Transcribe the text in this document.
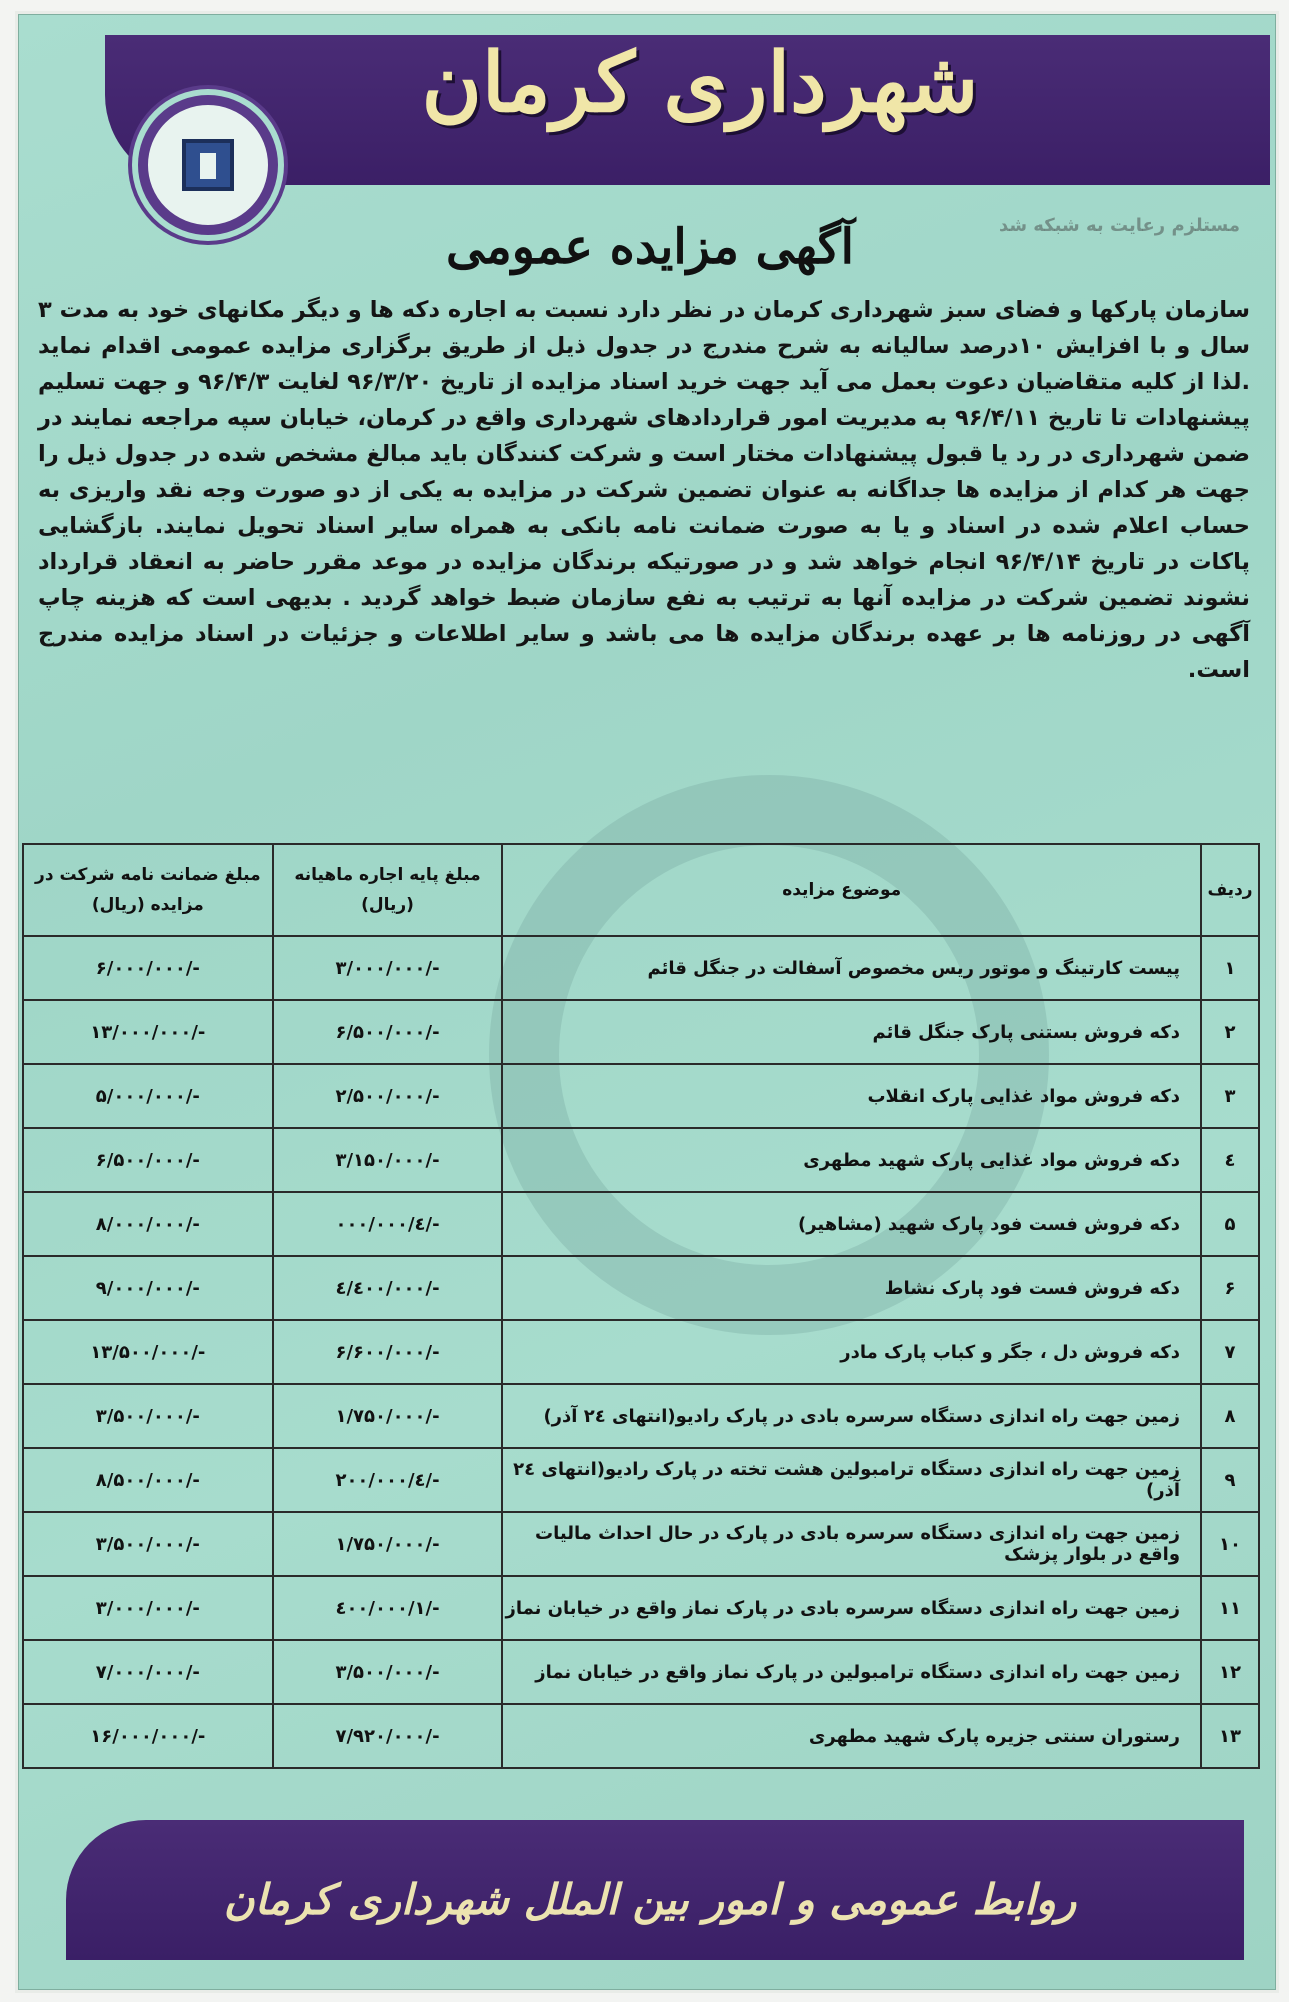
شهرداری کرمان
مستلزم رعایت به شبکه شد
آگهی مزایده عمومی

سازمان پارکها و فضای سبز شهرداری کرمان در نظر دارد نسبت به اجاره دکه ها و دیگر مکانهای خود به مدت ۳ سال و با افزایش ۱۰درصد سالیانه به شرح مندرج در جدول ذیل از طریق برگزاری مزایده عمومی اقدام نماید .لذا از کلیه متقاضیان دعوت بعمل می آید جهت خرید اسناد مزایده از تاریخ ۹۶/۳/۲۰ لغایت ۹۶/۴/۳ و جهت تسلیم پیشنهادات تا تاریخ ۹۶/۴/۱۱ به مدیریت امور قراردادهای شهرداری واقع در کرمان، خیابان سپه مراجعه نمایند در ضمن شهرداری در رد یا قبول پیشنهادات مختار است و شرکت کنندگان باید مبالغ مشخص شده در جدول ذیل را جهت هر کدام از مزایده ها جداگانه به عنوان تضمین شرکت در مزایده به یکی از دو صورت وجه نقد واریزی به حساب اعلام شده در اسناد و یا به صورت ضمانت نامه بانکی به همراه سایر اسناد تحویل نمایند. بازگشایی پاکات در تاریخ ۹۶/۴/۱۴ انجام خواهد شد و در صورتیکه برندگان مزایده در موعد مقرر حاضر به انعقاد قرارداد نشوند تضمین شرکت در مزایده آنها به ترتیب به نفع سازمان ضبط خواهد گردید . بدیهی است که هزینه چاپ آگهی در روزنامه ها بر عهده برندگان مزایده ها می باشد و سایر اطلاعات و جزئیات در اسناد مزایده مندرج است.

ردیف	موضوع مزایده	مبلغ پایه اجاره ماهیانه (ریال)	مبلغ ضمانت نامه شرکت در مزایده (ریال)
۱	پیست کارتینگ و موتور ریس مخصوص آسفالت در جنگل قائم	-/۳/۰۰۰/۰۰۰	-/۶/۰۰۰/۰۰۰
۲	دکه فروش بستنی پارک جنگل قائم	-/۶/۵۰۰/۰۰۰	-/۱۳/۰۰۰/۰۰۰
۳	دکه فروش مواد غذایی پارک انقلاب	-/۲/۵۰۰/۰۰۰	-/۵/۰۰۰/۰۰۰
٤	دکه فروش مواد غذایی پارک شهید مطهری	-/۳/۱۵۰/۰۰۰	-/۶/۵۰۰/۰۰۰
۵	دکه فروش فست فود پارک شهید (مشاهیر)	-/٤/۰۰۰/۰۰۰	-/۸/۰۰۰/۰۰۰
۶	دکه فروش فست فود پارک نشاط	-/٤/٤۰۰/۰۰۰	-/۹/۰۰۰/۰۰۰
۷	دکه فروش دل ، جگر و کباب پارک مادر	-/۶/۶۰۰/۰۰۰	-/۱۳/۵۰۰/۰۰۰
۸	زمین جهت راه اندازی دستگاه سرسره بادی در پارک رادیو(انتهای ٢٤ آذر)	-/۱/۷۵۰/۰۰۰	-/۳/۵۰۰/۰۰۰
۹	زمین جهت راه اندازی دستگاه ترامبولین هشت تخته در پارک رادیو(انتهای ٢٤ آذر)	-/٤/۲۰۰/۰۰۰	-/۸/۵۰۰/۰۰۰
۱۰	زمین جهت راه اندازی دستگاه سرسره بادی در پارک در حال احداث مالیات واقع در بلوار پزشک	-/۱/۷۵۰/۰۰۰	-/۳/۵۰۰/۰۰۰
۱۱	زمین جهت راه اندازی دستگاه سرسره بادی در پارک نماز واقع در خیابان نماز	-/۱/٤۰۰/۰۰۰	-/۳/۰۰۰/۰۰۰
۱۲	زمین جهت راه اندازی دستگاه ترامبولین در پارک نماز واقع در خیابان نماز	-/۳/۵۰۰/۰۰۰	-/۷/۰۰۰/۰۰۰
۱۳	رستوران سنتی جزیره پارک شهید مطهری	-/۷/۹۲۰/۰۰۰	-/۱۶/۰۰۰/۰۰۰
روابط عمومی و امور بین الملل شهرداری کرمان
